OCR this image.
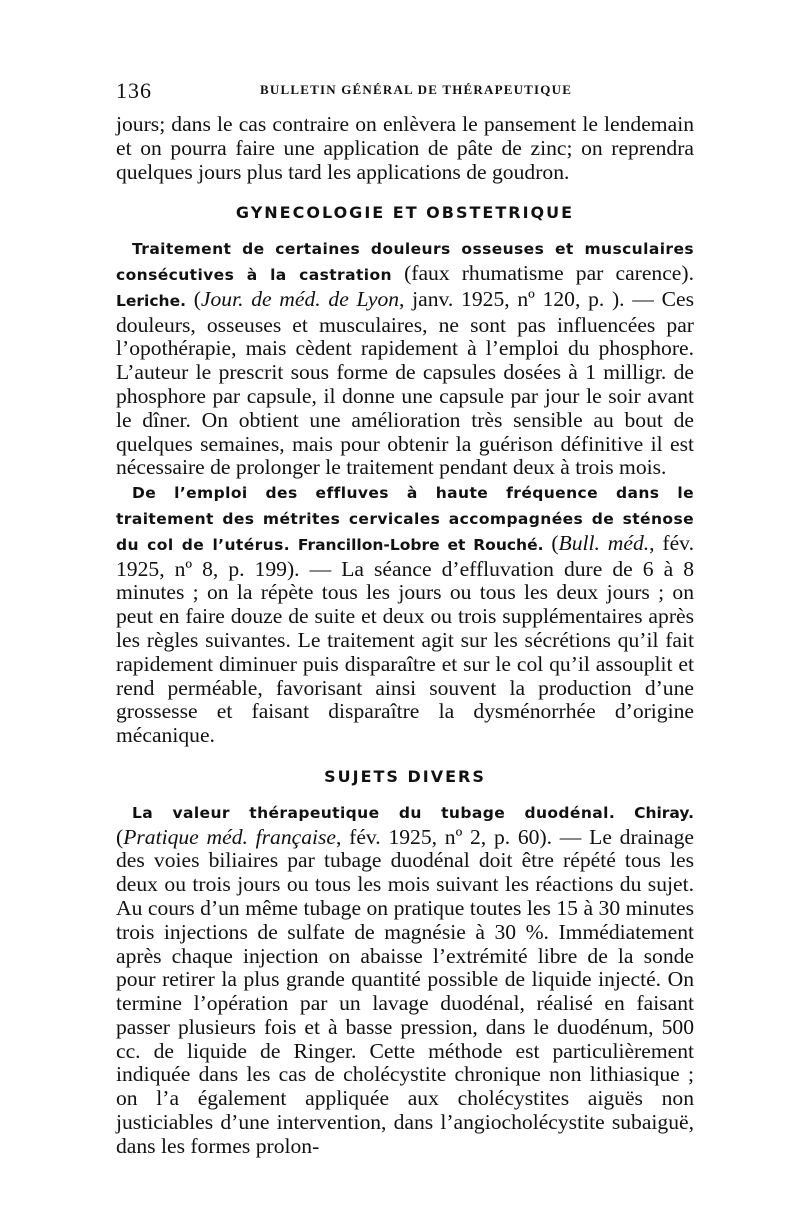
136	BULLETIN GÉNÉRAL DE THÉRAPEUTIQUE

jours; dans le cas contraire on enlèvera le pansement le lendemain et on pourra faire une application de pâte de zinc; on reprendra quelques jours plus tard les applications de goudron.

GYNECOLOGIE ET OBSTETRIQUE

Traitement de certaines douleurs osseuses et musculaires consécutives à la castration (faux rhumatisme par carence). Leriche. (Jour. de méd. de Lyon, janv. 1925, nº 120, p. ). — Ces douleurs, osseuses et musculaires, ne sont pas influencées par l’opothérapie, mais cèdent rapidement à l’emploi du phosphore. L’auteur le prescrit sous forme de capsules dosées à 1 milligr. de phosphore par capsule, il donne une capsule par jour le soir avant le dîner. On obtient une amélioration très sensible au bout de quelques semaines, mais pour obtenir la guérison définitive il est nécessaire de prolonger le traitement pendant deux à trois mois.

De l’emploi des effluves à haute fréquence dans le traitement des métrites cervicales accompagnées de sténose du col de l’utérus. Francillon-Lobre et Rouché. (Bull. méd., fév. 1925, nº 8, p. 199). — La séance d’effluvation dure de 6 à 8 minutes ; on la répète tous les jours ou tous les deux jours ; on peut en faire douze de suite et deux ou trois supplémentaires après les règles suivantes. Le traitement agit sur les sécrétions qu’il fait rapidement diminuer puis disparaître et sur le col qu’il assouplit et rend perméable, favorisant ainsi souvent la production d’une grossesse et faisant disparaître la dysménorrhée d’origine mécanique.

SUJETS DIVERS

La valeur thérapeutique du tubage duodénal. Chiray. (Pratique méd. française, fév. 1925, nº 2, p. 60). — Le drainage des voies biliaires par tubage duodénal doit être répété tous les deux ou trois jours ou tous les mois suivant les réactions du sujet. Au cours d’un même tubage on pratique toutes les 15 à 30 minutes trois injections de sulfate de magnésie à 30 %. Immédiatement après chaque injection on abaisse l’extrémité libre de la sonde pour retirer la plus grande quantité possible de liquide injecté. On termine l’opération par un lavage duodénal, réalisé en faisant passer plusieurs fois et à basse pression, dans le duodénum, 500 cc. de liquide de Ringer. Cette méthode est particulièrement indiquée dans les cas de cholécystite chronique non lithiasique ; on l’a également appliquée aux cholécystites aiguës non justiciables d’une intervention, dans l’angiocholécystite subaiguë, dans les formes prolon-
